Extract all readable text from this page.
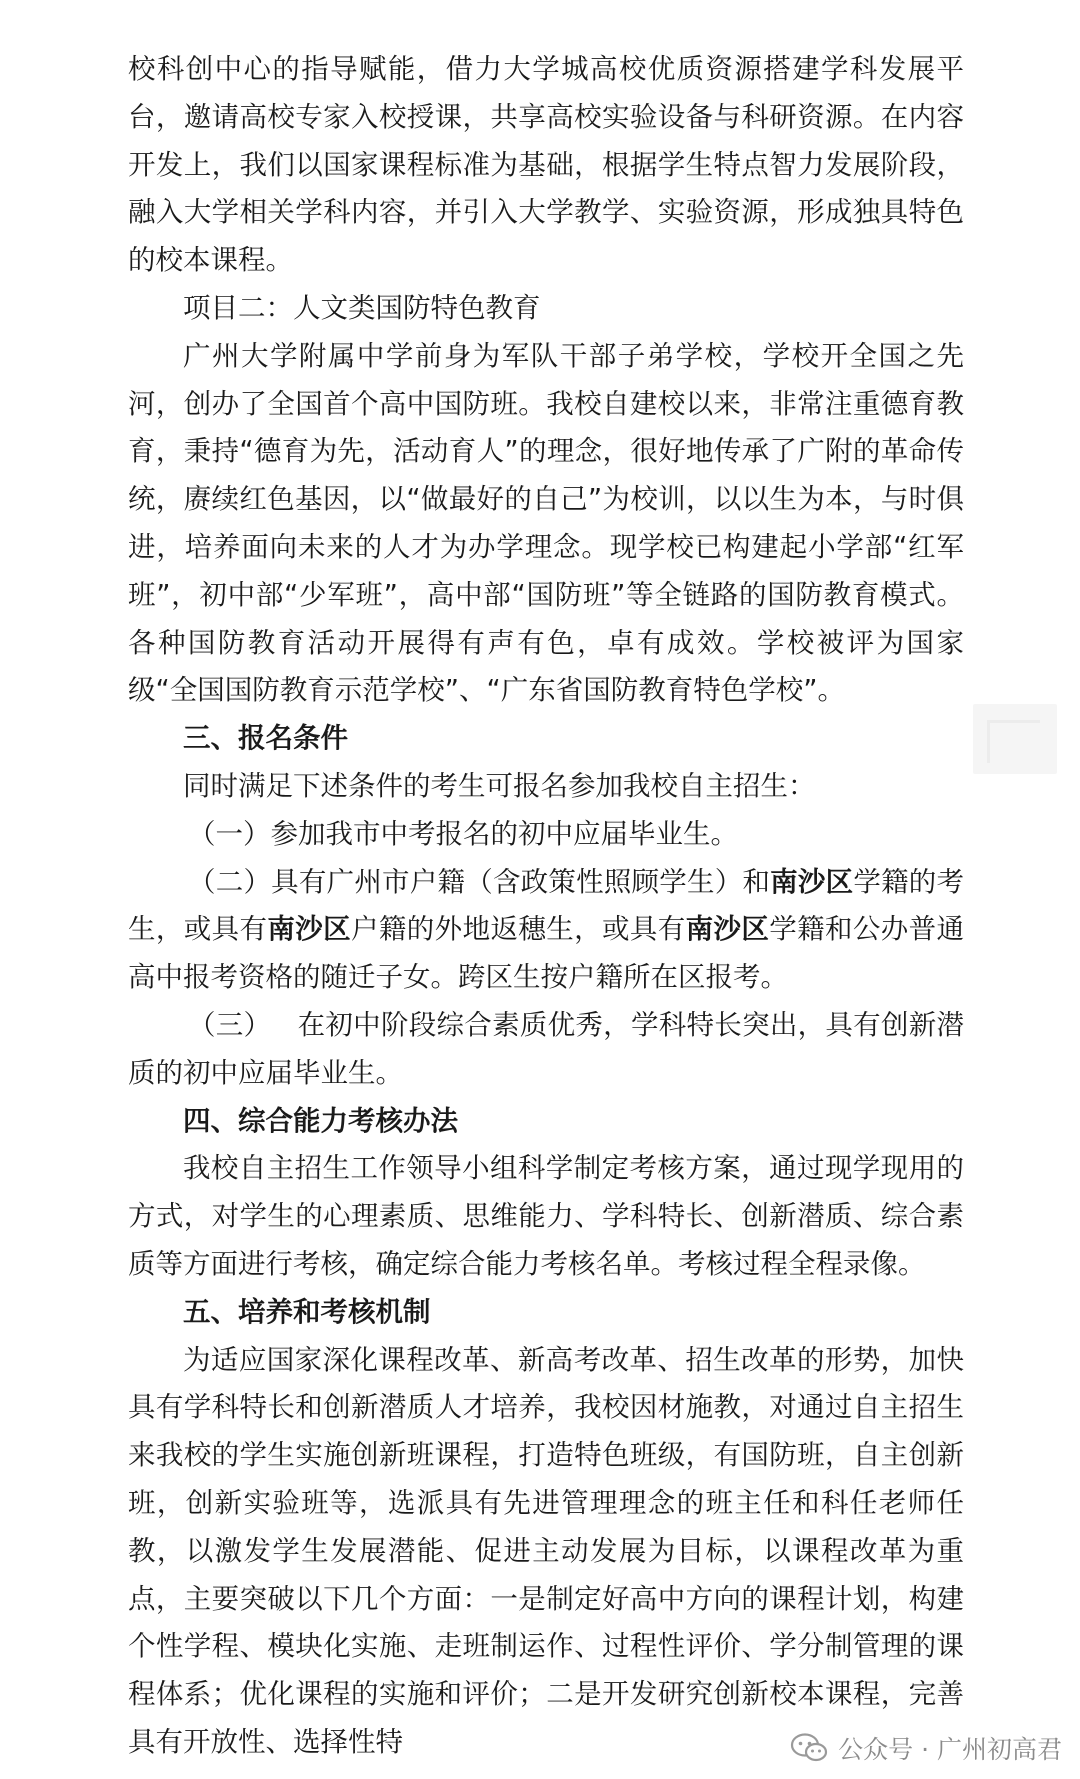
校科创中心的指导赋能，借力大学城高校优质资源搭建学科发展平台，邀请高校专家入校授课，共享高校实验设备与科研资源。在内容开发上，我们以国家课程标准为基础，根据学生特点智力发展阶段，融入大学相关学科内容，并引入大学教学、实验资源，形成独具特色的校本课程。

项目二：人文类国防特色教育

广州大学附属中学前身为军队干部子弟学校，学校开全国之先河，创办了全国首个高中国防班。我校自建校以来，非常注重德育教育，秉持“德育为先，活动育人”的理念，很好地传承了广附的革命传统，赓续红色基因，以“做最好的自己”为校训，以以生为本，与时俱进，培养面向未来的人才为办学理念。现学校已构建起小学部“红军班”，初中部“少军班”，高中部“国防班”等全链路的国防教育模式。各种国防教育活动开展得有声有色，卓有成效。学校被评为国家级“全国国防教育示范学校”、“广东省国防教育特色学校”。

三、报名条件

同时满足下述条件的考生可报名参加我校自主招生：

（一）参加我市中考报名的初中应届毕业生。

（二）具有广州市户籍（含政策性照顾学生）和南沙区学籍的考生，或具有南沙区户籍的外地返穗生，或具有南沙区学籍和公办普通高中报考资格的随迁子女。跨区生按户籍所在区报考。

（三） 在初中阶段综合素质优秀，学科特长突出，具有创新潜质的初中应届毕业生。

四、综合能力考核办法

我校自主招生工作领导小组科学制定考核方案，通过现学现用的方式，对学生的心理素质、思维能力、学科特长、创新潜质、综合素质等方面进行考核，确定综合能力考核名单。考核过程全程录像。

五、培养和考核机制

为适应国家深化课程改革、新高考改革、招生改革的形势，加快具有学科特长和创新潜质人才培养，我校因材施教，对通过自主招生来我校的学生实施创新班课程，打造特色班级，有国防班，自主创新班，创新实验班等，选派具有先进管理理念的班主任和科任老师任教，以激发学生发展潜能、促进主动发展为目标，以课程改革为重点，主要突破以下几个方面：一是制定好高中方向的课程计划，构建个性学程、模块化实施、走班制运作、过程性评价、学分制管理的课程体系；优化课程的实施和评价；二是开发研究创新校本课程，完善具有开放性、选择性特	公众号 · 广州初高君
